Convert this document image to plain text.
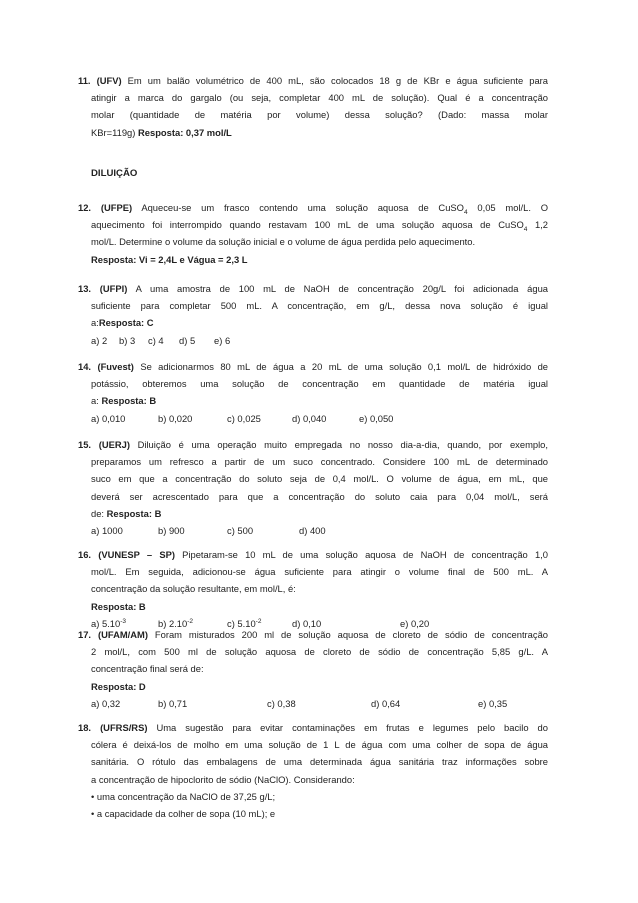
11. (UFV) Em um balão volumétrico de 400 mL, são colocados 18 g de KBr e água suficiente para
atingir a marca do gargalo (ou seja, completar 400 mL de solução). Qual é a concentração
molar (quantidade de matéria por volume) dessa solução? (Dado: massa molar
KBr=119g) Resposta: 0,37 mol/L
DILUIÇÃO
12. (UFPE) Aqueceu-se um frasco contendo uma solução aquosa de CuSO$_4$ 0,05 mol/L. O
aquecimento foi interrompido quando restavam 100 mL de uma solução aquosa de CuSO$_4$ 1,2
mol/L. Determine o volume da solução inicial e o volume de água perdida pelo aquecimento.
Resposta: Vi = 2,4L e Vágua = 2,3 L
13. (UFPI) A uma amostra de 100 mL de NaOH de concentração 20g/L foi adicionada água
suficiente para completar 500 mL. A concentração, em g/L, dessa nova solução é igual
a:Resposta: C
a) 2 b) 3 c) 4 d) 5 e) 6
14. (Fuvest) Se adicionarmos 80 mL de água a 20 mL de uma solução 0,1 mol/L de hidróxido de
potássio, obteremos uma solução de concentração em quantidade de matéria igual
a: Resposta: B
a) 0,010	b) 0,020	c) 0,025	d) 0,040	e) 0,050
15. (UERJ) Diluição é uma operação muito empregada no nosso dia-a-dia, quando, por exemplo,
preparamos um refresco a partir de um suco concentrado. Considere 100 mL de determinado
suco em que a concentração do soluto seja de 0,4 mol/L. O volume de água, em mL, que
deverá ser acrescentado para que a concentração do soluto caia para 0,04 mol/L, será
de: Resposta: B
a) 1000	b) 900	c) 500	d) 400
16. (VUNESP – SP) Pipetaram-se 10 mL de uma solução aquosa de NaOH de concentração 1,0
mol/L. Em seguida, adicionou-se água suficiente para atingir o volume final de 500 mL. A
concentração da solução resultante, em mol/L, é:
Resposta: B
a) $5.10^{-3}$	b) $2.10^{-2}$	c) $5.10^{-2}$	d) 0,10	e) 0,20
17. (UFAM/AM) Foram misturados 200 ml de solução aquosa de cloreto de sódio de concentração
2 mol/L, com 500 ml de solução aquosa de cloreto de sódio de concentração 5,85 g/L. A
concentração final será de:
Resposta: D
a) 0,32	b) 0,71	c) 0,38	d) 0,64	e) 0,35
18. (UFRS/RS) Uma sugestão para evitar contaminações em frutas e legumes pelo bacilo do
cólera é deixá-los de molho em uma solução de 1 L de água com uma colher de sopa de água
sanitária. O rótulo das embalagens de uma determinada água sanitária traz informações sobre
a concentração de hipoclorito de sódio (NaClO). Considerando:
• uma concentração da NaClO de 37,25 g/L;
• a capacidade da colher de sopa (10 mL); e
